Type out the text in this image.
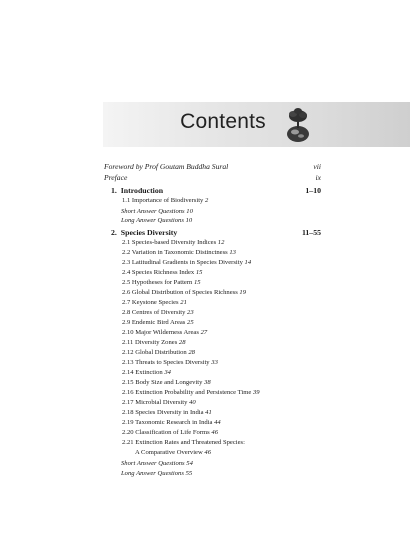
Contents
Foreword by Prof Goutam Buddha Sural	vii
Preface	ix
1. Introduction	1–10
1.1 Importance of Biodiversity 2
Short Answer Questions 10
Long Answer Questions 10
2. Species Diversity	11–55
2.1 Species-based Diversity Indices 12
2.2 Variation in Taxonomic Distinctness 13
2.3 Latitudinal Gradients in Species Diversity 14
2.4 Species Richness Index 15
2.5 Hypotheses for Pattern 15
2.6 Global Distribution of Species Richness 19
2.7 Keystone Species 21
2.8 Centres of Diversity 23
2.9 Endemic Bird Areas 25
2.10 Major Wilderness Areas 27
2.11 Diversity Zones 28
2.12 Global Distribution 28
2.13 Threats to Species Diversity 33
2.14 Extinction 34
2.15 Body Size and Longevity 38
2.16 Extinction Probability and Persistence Time 39
2.17 Microbial Diversity 40
2.18 Species Diversity in India 41
2.19 Taxonomic Research in India 44
2.20 Classification of Life Forms 46
2.21 Extinction Rates and Threatened Species:
A Comparative Overview 46
Short Answer Questions 54
Long Answer Questions 55
